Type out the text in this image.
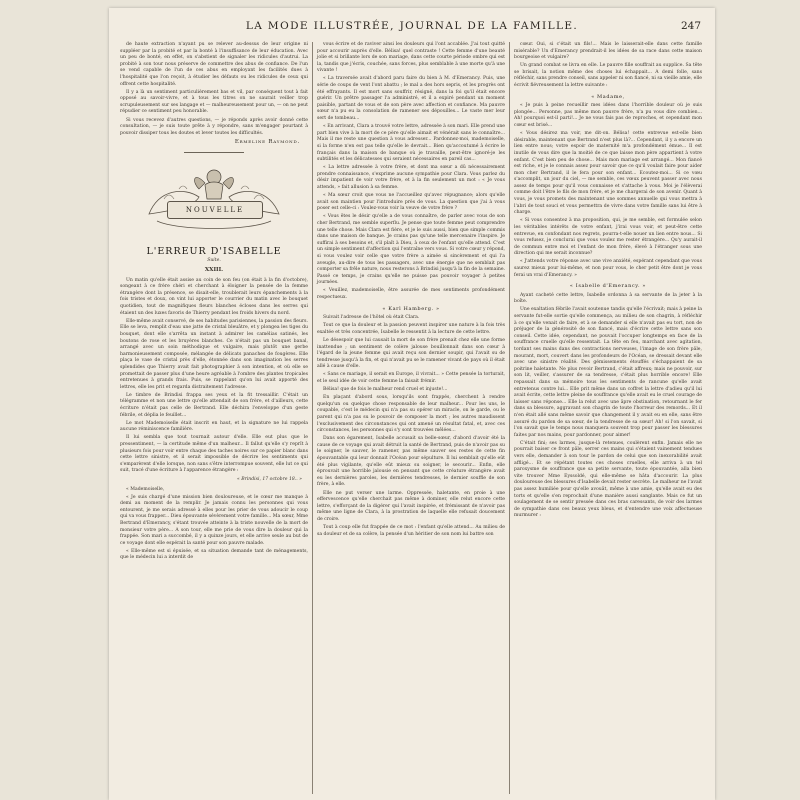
LA MODE ILLUSTRÉE, JOURNAL DE LA FAMILLE.	247

de haute extraction n'ayant pu se relever au-dessus de leur origine ni suppléer par la probité et par la bonté à l'insuffisance de leur éducation. Avec un peu de bonté, en effet, on s'abstient de signaler les ridicules d'autrui. La probité à son tour nous préserve de commettre des abus de confiance. De l'un se vend capable de l'un de ces abus en employant les facilités dues à l'hospitalité que l'on reçoit, à étudier les défauts ou les ridicules de ceux qui offrent cette hospitalité.

Il y a là un sentiment particulièrement bas et vil, par conséquent tout à fait opposé au savoir-vivre, et à tous les titres on ne saurait veiller trop scrupuleusement sur ses langage et — malheureusement pour un, — on ne peut répudier ce sentiment peu honorable.

Si vous recevez d'autres questions, — je réponds après avoir donné cette consultation, — je suis toute prête à y répondre, sans m'engager pourtant à pouvoir dissiper tous les doutes et lever toutes les difficultés.

Ermeline Raymond.
NOUVELLE
L'ERREUR D'ISABELLE
Suite.
XXIII.

Un matin qu'elle était assise au coin de son feu (on était à la fin d'octobre), songeant à ce frère chéri et cherchant à éloigner la pensée de la femme étrangère dont la présence, se disait-elle, troublerait leurs épanchements à la fois tristes et doux, on vint lui apporter le courrier du matin avec le bouquet quotidien, tout de magnifiques fleurs blanches écloses dans les serres qui étaient un des luxes favoris de Thierry pendant les froids hivers du nord.

Elle-même avait conservé, de ses habitudes parisiennes, la passion des fleurs. Elle se leva, remplit d'eau une jatte de cristal bleuâtre, et y plongea les tiges du bouquet, dont elle s'arrêta un instant à admirer les camélias satinés, les boutons de rose et les bruyères blanches. Ce n'était pas un bouquet banal, arrangé avec un soin méthodique et vulgaire, mais plutôt une gerbe harmonieusement composée, mélangée de délicats panaches de fougères. Elle plaça le vase de cristal près d'elle, étonnée dans son imagination les serres splendides que Thierry avait fait photographier à son intention, et où elle se promettait de passer plus d'une heure agréable à l'ombre des plantes tropicales entretenues à grands frais. Puis, se rappelant qu'on lui avait apporté des lettres, elle les prit et regarda distraitement l'adresse.

Le timbre de Brindisi frappa ses yeux et la fit tressaillir. C'était un télégramme et non une lettre qu'elle attendait de son frère, et d'ailleurs, cette écriture n'était pas celle de Bertrand. Elle déchira l'enveloppe d'un geste fébrile, et déplia le feuillet...

Le mot Mademoiselle était inscrit en haut, et la signature ne lui rappela aucune réminiscence familière.

Il lui sembla que tout tournait autour d'elle. Elle eut plus que le pressentiment, — la certitude même d'un malheur... Il fallut qu'elle s'y reprît à plusieurs fois pour voir entre chaque des taches noires sur ce papier blanc dans cette lettre sinistre, et il serait impossible de décrire les sentiments qui s'emparèrent d'elle lorsque, non sans s'être interrompue souvent, elle lut ce qui suit, tracé d'une écriture à l'apparence étrangère :

« Brindisi, 17 octobre 18.. »

« Mademoiselle,

« Je suis chargé d'une mission bien douloureuse, et le cœur me manque à demi au moment de la remplir. Je jamais connu les personnes qui vous entourent, je me serais adressé à elles pour les prier de vous adoucir le coup qui va vous frapper... Dieu épouvante sévèrement votre famille... Ma sœur, Mme Bertrand d'Emerancy, s'étant trouvée atteinte à la triste nouvelle de la mort de monsieur votre père... A son tour, elle me prie de vous dire la douleur qui la frappée. Son mari a succombé, il y a quinze jours, et elle arrive seule au but de ce voyage dont elle espérait la santé pour son pauvre malade.

« Elle-même est si épuisée, et sa situation demande tant de ménagements, que le médecin lui a interdit de

vous écrire et de raviver ainsi les douleurs qui l'ont accablée. J'ai tout quitté pour accourir auprès d'elle. Bélisa! quel contraste ! Cette femme d'une beauté jolie et si brillante lors de son mariage, dans cette courte période ombre qui est la, tandis que j'écris, couchée, sans forces, plus semblable à une morte qu'à une vivante !

« La traversée avait d'abord paru faire du bien à M. d'Emerancy. Puis, une série de coups de vent l'ont abattu ; le mal a des hors sepris, et les progrès ont été effrayants. Il est mort sans souffrir, résigné, dans la foi qu'il était encore guérir. Un prêtre passager l'a administré, et il a expiré pendant un moment paisible, partant de vous et de son père avec affection et confiance. Ma pauvre sœur n'a pu eu la consolation de ramener ses dépouilles... Le vaste mer leur sert de tombeau...

« En arrivant, Clara a trouvé votre lettre, adressée à son mari. Elle prend une part bien vive à la mort de ce père qu'elle aimait et vénérait sans le connaître... Mais il me reste une question à vous adresser... Pardonnez-moi, mademoiselle, si la forme n'en est pas telle qu'elle le devrait... Bien qu'accoutumé à écrire le français dans la maison de banque où je travaille, peut-être ignoré-je les subtilités et les délicatesses qui seraient nécessaires en pareil cas...

« La lettre adressée à votre frère, et dont ma sœur a dû nécessairement prendre connaissance, s'exprime aucune sympathie pour Clara. Vous parlez du désir impatient de voir votre frère, et à la fin seulement un mot : « Je vous attends, » fait allusion à sa femme.

« Ma sœur croit que vous ne l'accueillez qu'avec répugnance; alors qu'elle avait son maintien pour l'introduire près de vous. La question que j'ai à vous poser est celle-ci : Voulez-vous voir la veuve de votre frère ?

« Vous êtes le désir qu'elle a de vous connaître, de parler avec vous de son cher Bertrand, me semble superflu. Je pense que toute femme peut comprendre une telle chose. Mais Clara est fière, et je le suis aussi, bien que simple commis dans une maison de banque. Je crains pas qu'une telle mercenaire l'inspire. Je suffirai à ses besoins et, s'il plaît à Dieu, à ceux de l'enfant qu'elle attend. C'est un simple sentiment d'affection qui l'entraîne vers vous. Si votre cœur y répond, si vous voulez voir celle que votre frère a aimée si sincèrement et qui l'a aveugle, au-dire de tous les passagers, avec une énergie que ne semblait pas comporter sa frêle nature, nous resterons à Brindisi jusqu'à la fin de la semaine. Passé ce temps, je crains qu'elle ne puisse pas pouvoir voyager à petites journées.

« Veuillez, mademoiselle, être assurée de mes sentiments profondément respectueux.

« Karl Hamberg. »

Suivait l'adresse de l'hôtel où était Clara.

Tout ce que la douleur et la passion peuvent inspirer une nature à la fois très exaltée et très concentrée, Isabelle le ressentit à la lecture de cette lettre.

Le désespoir que lui causait la mort de son frère prenait chez elle une forme inattendue ; un sentiment de colère jalouse bouillonnait dans son cœur à l'égard de la jeune femme qui avait reçu son dernier soupir, qui l'avait su de tendresse jusqu'à la fin, et qui n'avait pu se le ramener vivant de pays où il était allé à cause d'elle.

« Sans ce mariage, il serait en Europe, il vivrait... » Cette pensée la torturait, et le seul idée de voir cette femme la faisait frémir.

Bélisa! que de fois le malheur rend cruel et injuste!...

En plaçant d'abord sous, lorsqu'ils sont frappés, cherchent à rendre quelqu'un ou quelque chose responsable de leur malheur... Pour les uns, le coupable, c'est le médecin qui n'a pas su opérer un miracle, on le garde, ou le parent qui n'a pas su le pouvoir de composer la mort ; les autres maudissent l'exclusivement des circonstances qui ont amené un résultat fatal, et, avec ces circonstances, les personnes qui s'y sont trouvées mêlées...

Dans son égarement, Isabelle accusait sa belle-sœur, d'abord d'avoir été la cause de ce voyage qui avait détruit la santé de Bertrand, puis de n'avoir pas su le soigner, le sauver, le ramener, pas même sauver ses restes de cette fin épouvantable qui leur donnait l'Océan pour sépulture. Il lui semblait qu'elle eût été plus vigilante, qu'elle eût mieux su soigner, le secourir... Enfin, elle éprouvait une horrible jalousie en pensant que cette créature étrangère avait eu les dernières paroles, les dernières tendresses, le dernier souffle de son frère, à elle.

Elle ne put verser une larme. Oppressée, haletante, en proie à une effervescence qu'elle cherchait pas même à dominer, elle relut encore cette lettre, s'efforçant de la digérer qui l'avait inspirée, et frémissant de n'avoir pas même une ligne de Clara, à la prostration de laquelle elle refusait doucement de croire.

Tout à coup elle fut frappée de ce mot : l'enfant qu'elle attend... Au milieu de sa douleur et de sa colère, la pensée d'un héritier de son nom lui battre son

cœur. Oui, si c'était un fils!... Mais le laisserait-elle dans cette famille misérable? Un d'Emerancy prendrait-il les idées de sa race dans cette maison bourgeoise et vulgaire?

Un grand combat se livra en elle. Le pauvre fille souffrait au supplice. Sa tête se brisait, la notion même des choses lui échappait... A demi folle, sans réfléchir, sans prendre conseil, sans appeler ni son fiancé, ni sa vieille amie, elle écrivit fiévreusement la lettre suivante :

« Madame,

« Je puis à peine recueillir mes idées dans l'horrible douleur où je suis plongée... Personne, pas même mon pauvre frère, n'a pu vous dire combien... Ah! pourquoi est-il parti!... Je ne vous fais pas de reproches, et cependant mon cœur est brisé...

« Vous désirez ma voir, me dit-on. Bélisa! cette entrevue est-elle bien désirable, maintenant que Bertrand n'est plus là?... Cependant, il y a encore un lien entre nous; votre espoir de maternité m'a profondément émue... Il est inutile de vous dire que la moitié de ce que laisse mon père appartient à votre enfant. C'est bien peu de chose... Mais mon mariage est arrangé... Mon fiancé est riche, et je le connais assez pour savoir que ce qu'il voulait faire pour aider mon cher Bertrand, il le fera pour son enfant... Ecoutez-moi... Si ce vœu s'accomplit, un jour du ciel, — me semble, ces vœux peuvent passer avec nous assez de temps pour qu'il vous connaisse et s'attache à vous. Moi je l'élèverai comme doit l'être le fils de mon frère, et je me chargerai de son avenir. Quant à vous, je vous promets des maintenant une sommes annuelle qui vous mettra à l'abri de tout souci et vous permettra de vivre dans votre famille sans lui être à charge.

« Si vous consentez à ma proposition, qui, je me semble, est formulée selon les véritables intérêts de votre enfant, j'irai vous voir, et peut-être cette entrevue, en confondant nos regrets, pourra-t-elle nouer un lien entre nous... Si vous refusez, je conclurai que vous voulez me rester étrangère... Qu'y aurait-il de commun entre moi et l'enfant de mon frère, élevé à l'étranger sous une direction qui me serait inconnue?

« J'attends votre réponse avec une vive anxiété, espérant cependant que vous saurez mieux pour lui-même, et non pour vous, le cher petit être dont je vous ferai un vrai d'Emerancy. »

« Isabelle d'Emerancy. »

Ayant cacheté cette lettre, Isabelle ordonna à sa servante de la jeter à la boîte.

Une exaltation fébrile l'avait soutenue tandis qu'elle l'écrivait; mais à peine la servante fut-elle sortie qu'elle commença, au milieu de son chagrin, à réfléchir à ce qu'elle venait de faire, et à se demander si elle n'avait pas eu tort, non de préjuger de la générosité de son fiancé, mais d'écrire cette lettre sans son conseil. Cette idée, cependant, ne pouvait l'occuper longtemps en face de la souffrance cruelle qu'elle ressentait. La tête en feu, marchant avec agitation, tordant ses mains dans des contractions nerveuses, l'image de son frère pâle, mourant, mort, couvert dans les profondeurs de l'Océan, se dressait devant elle avec une sinistre réalité. Des gémissements étouffés s'échappaient de sa poitrine haletante. Ne plus revoir Bertrand, c'était affreux; mais ne pouvoir, sur son lit, veiller, s'assurer de sa tendresse, c'était plus horrible encore! Elle repassait dans sa mémoire tous les sentiments de rancune qu'elle avait entretenus contre lui... Elle prit même dans un coffret la lettre d'adieu qu'il lui avait écrite, cette lettre pleine de souffrance qu'elle avait eu le cruel courage de laisser sans réponse... Elle la relut avec une âpre obstination, retournant le fer dans sa blessure, aggravant son chagrin de toute l'horreur des remords... Et il n'en était allé sans même savoir que changement il y avait eu en elle, sans être assuré du pardon de sa sœur, de la tendresse de sa sœur! Ah! si l'on savait, si l'on savait que le temps nous manquera souvent trop pour passer les blessures faites par nos mains, pour pardonner, pour aimer!

C'était fini; ses larmes, jusque-là retenues, coulèrent enfin. Jamais elle ne pourrait baiser ce front pâle, serrer ces mains qui s'étaient vainement tendues vers elle, demander à son tour le pardon de celui que son inexorabilité avait affligé... Et se répétant toutes ces choses cruelles, elle arriva à un tel paroxysme de souffrance que sa petite servante, toute épouvantée, alla bien vite trouver Mme Eyssoldé, qui elle-même se hâta d'accourir. La plus douloureuse des blessures d'Isabelle devait rester secrète. Le malheur ne l'avait pas assez humiliée pour qu'elle avouât, même à une amie, qu'elle avait eu des torts et qu'elle s'en reprochait d'une manière aussi sanglante. Mais ce fut un soulagement de se sentir pressée dans ces bras caressants, de voir des larmes de sympathie dans ces beaux yeux bleus, et d'entendre une voix affectueuse murmurer :
